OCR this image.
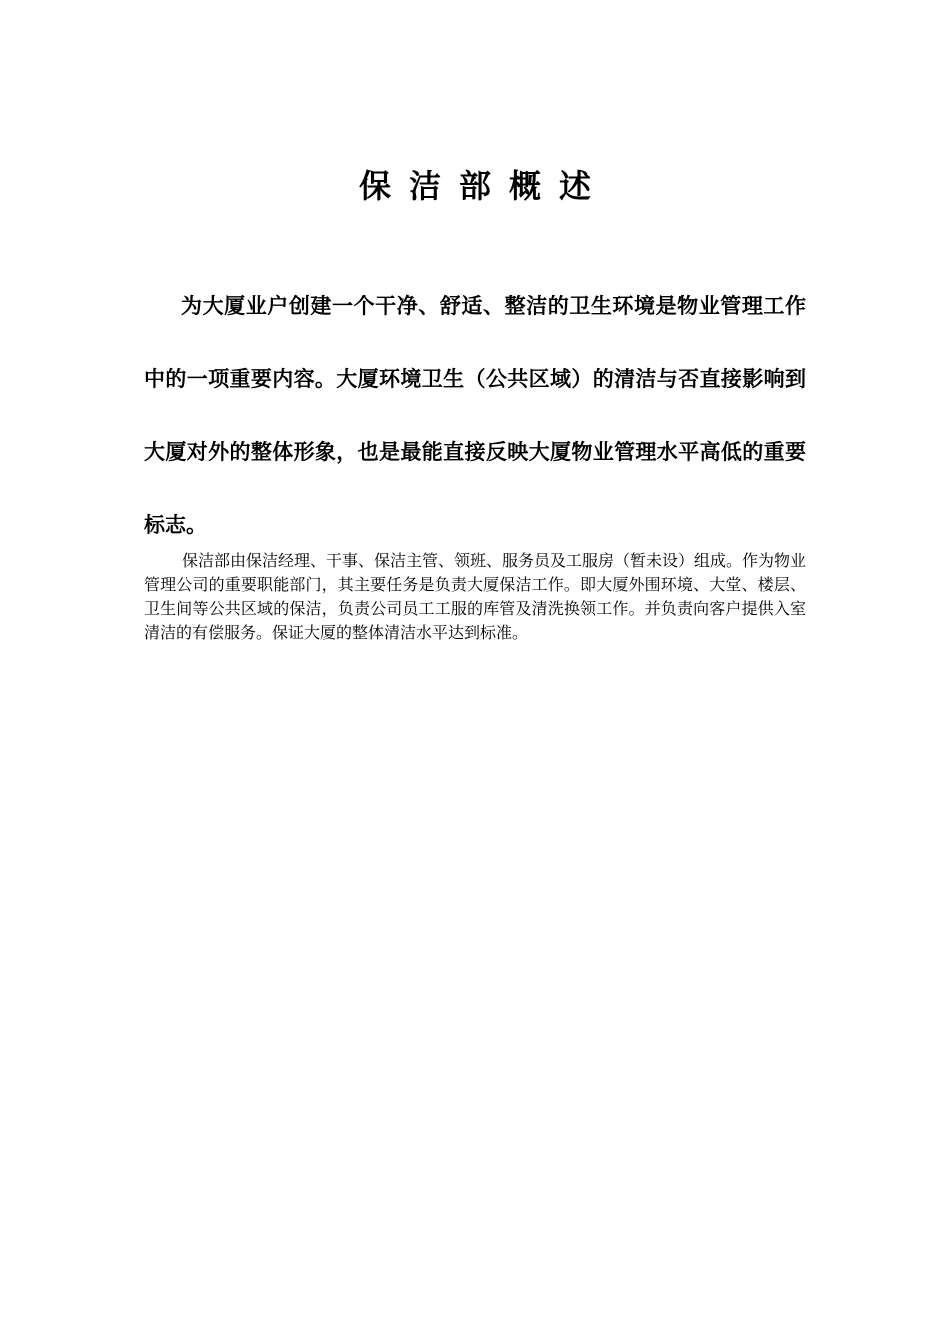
保洁部概述

为大厦业户创建一个干净、舒适、整洁的卫生环境是物业管理工作中的一项重要内容。大厦环境卫生（公共区域）的清洁与否直接影响到大厦对外的整体形象，也是最能直接反映大厦物业管理水平高低的重要标志。

保洁部由保洁经理、干事、保洁主管、领班、服务员及工服房（暂未设）组成。作为物业管理公司的重要职能部门，其主要任务是负责大厦保洁工作。即大厦外围环境、大堂、楼层、卫生间等公共区域的保洁，负责公司员工工服的库管及清洗换领工作。并负责向客户提供入室清洁的有偿服务。保证大厦的整体清洁水平达到标准。
